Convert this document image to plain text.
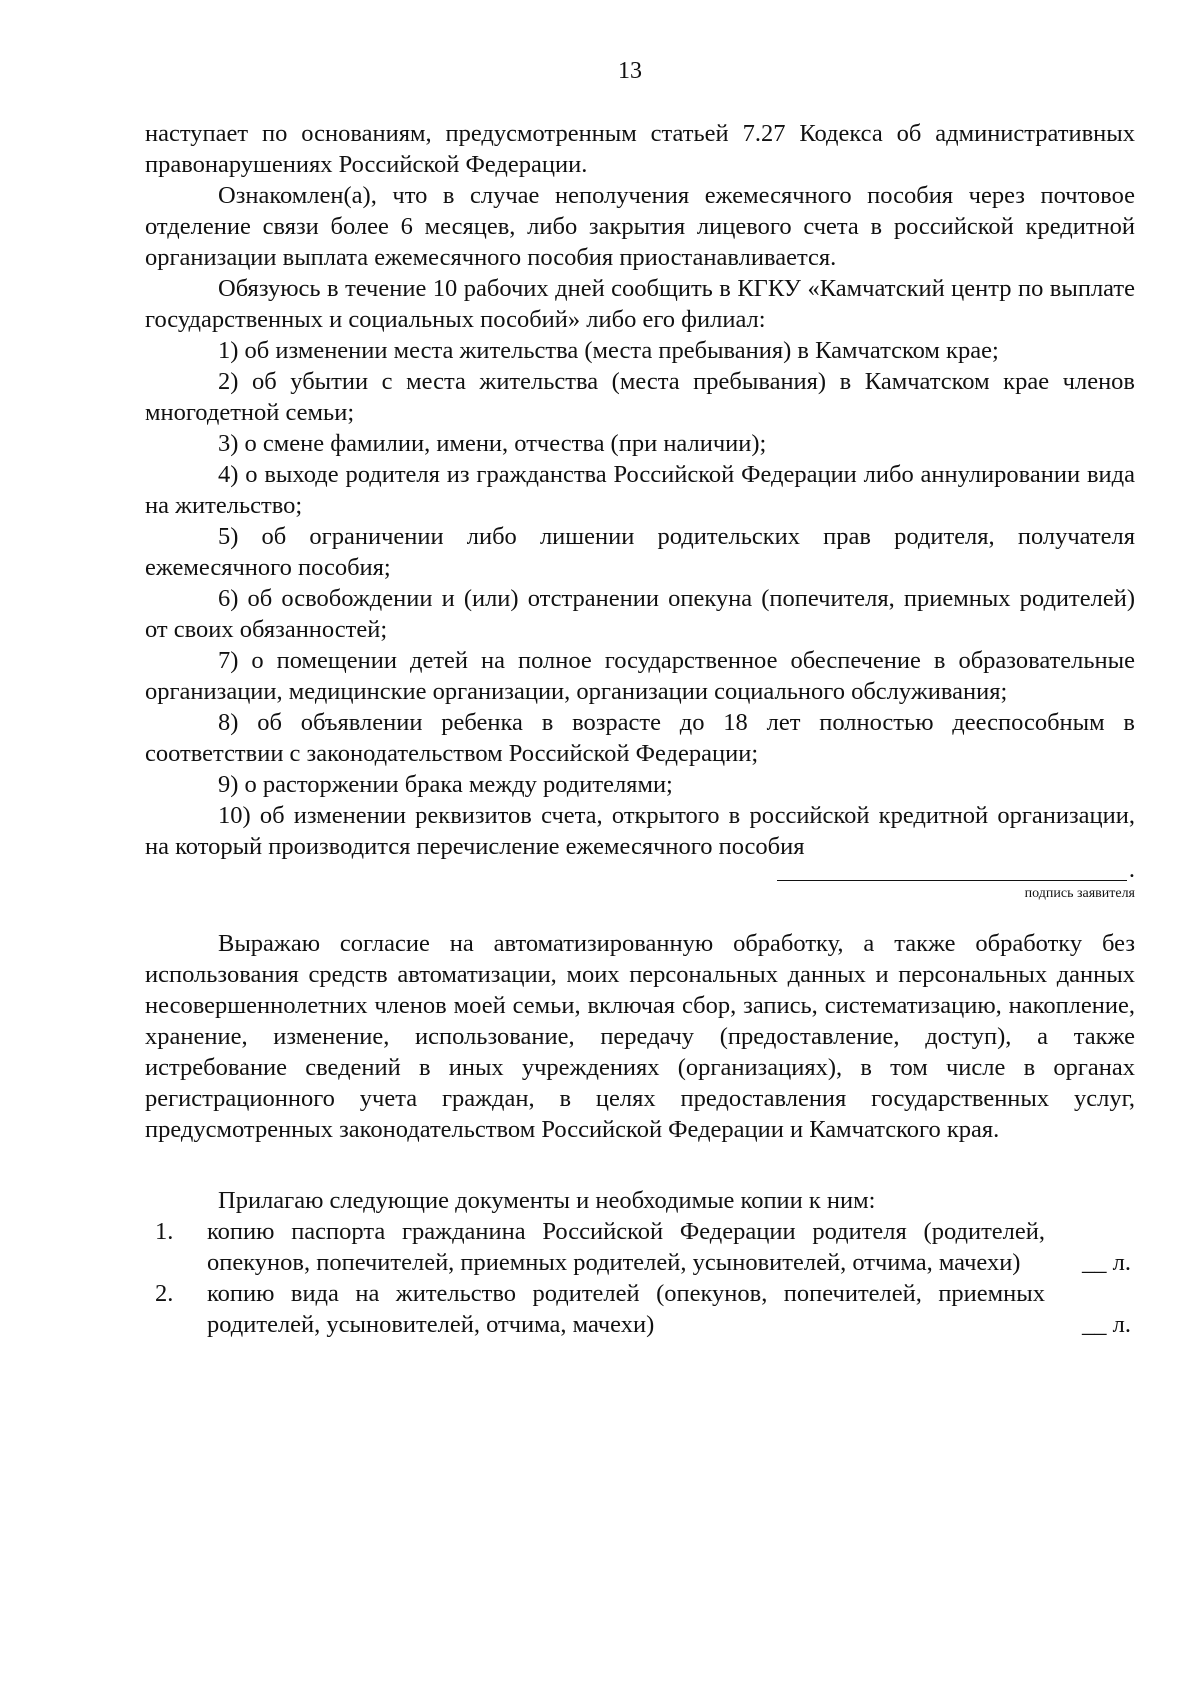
13

наступает по основаниям, предусмотренным статьей 7.27 Кодекса об административных правонарушениях Российской Федерации.

Ознакомлен(а), что в случае неполучения ежемесячного пособия через почтовое отделение связи более 6 месяцев, либо закрытия лицевого счета в российской кредитной организации выплата ежемесячного пособия приостанавливается.

Обязуюсь в течение 10 рабочих дней сообщить в КГКУ «Камчатский центр по выплате государственных и социальных пособий» либо его филиал:

1) об изменении места жительства (места пребывания) в Камчатском крае;

2) об убытии с места жительства (места пребывания) в Камчатском крае членов многодетной семьи;

3) о смене фамилии, имени, отчества (при наличии);

4) о выходе родителя из гражданства Российской Федерации либо аннулировании вида на жительство;

5) об ограничении либо лишении родительских прав родителя, получателя ежемесячного пособия;

6) об освобождении и (или) отстранении опекуна (попечителя, приемных родителей) от своих обязанностей;

7) о помещении детей на полное государственное обеспечение в образовательные организации, медицинские организации, организации социального обслуживания;

8) об объявлении ребенка в возрасте до 18 лет полностью дееспособным в соответствии с законодательством Российской Федерации;

9) о расторжении брака между родителями;

10) об изменении реквизитов счета, открытого в российской кредитной организации, на который производится перечисление ежемесячного пособия

.
подпись заявителя

Выражаю согласие на автоматизированную обработку, а также обработку без использования средств автоматизации, моих персональных данных и персональных данных несовершеннолетних членов моей семьи, включая сбор, запись, систематизацию, накопление, хранение, изменение, использование, передачу (предоставление, доступ), а также истребование сведений в иных учреждениях (организациях), в том числе в органах регистрационного учета граждан, в целях предоставления государственных услуг, предусмотренных законодательством Российской Федерации и Камчатского края.

Прилагаю следующие документы и необходимые копии к ним:

1. копию паспорта гражданина Российской Федерации родителя (родителей, опекунов, попечителей, приемных родителей, усыновителей, отчима, мачехи)	__ л.
2. копию вида на жительство родителей (опекунов, попечителей, приемных родителей, усыновителей, отчима, мачехи)	__ л.
